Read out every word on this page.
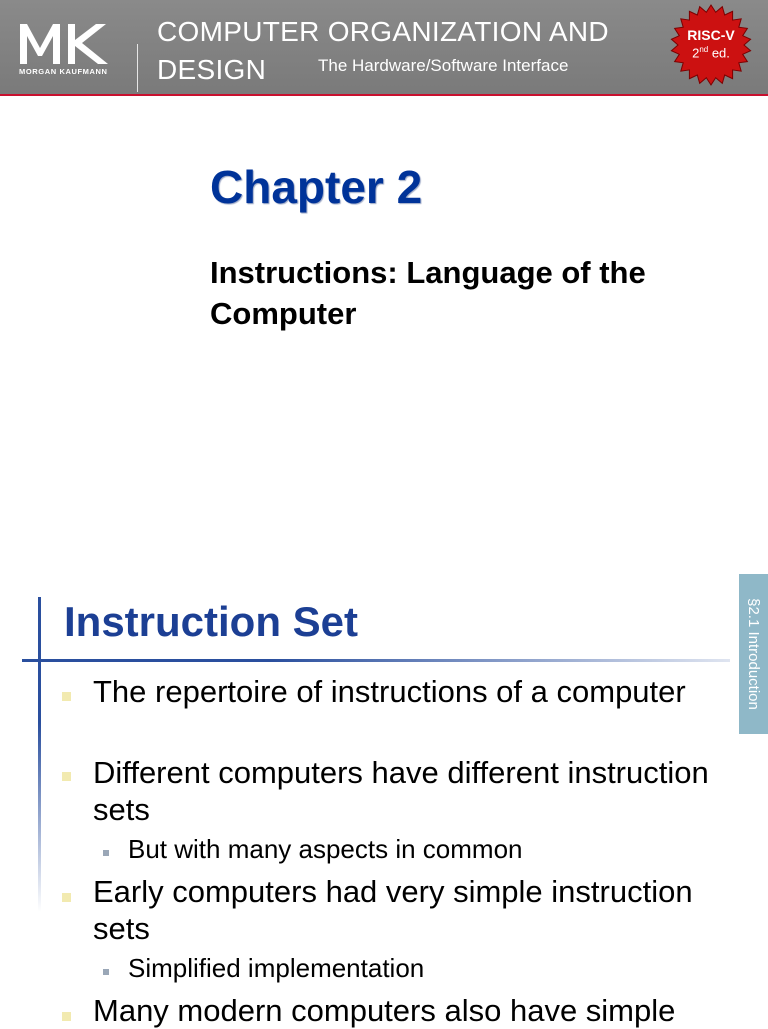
MORGAN KAUFMANN
COMPUTER ORGANIZATION AND
DESIGN	The Hardware/Software Interface
RISC-V
2nd ed.
Chapter 2
Instructions: Language of the Computer
Instruction Set	§2.1 Introduction
The repertoire of instructions of a computer
Different computers have different instruction sets
But with many aspects in common
Early computers had very simple instruction sets
Simplified implementation
Many modern computers also have simple
